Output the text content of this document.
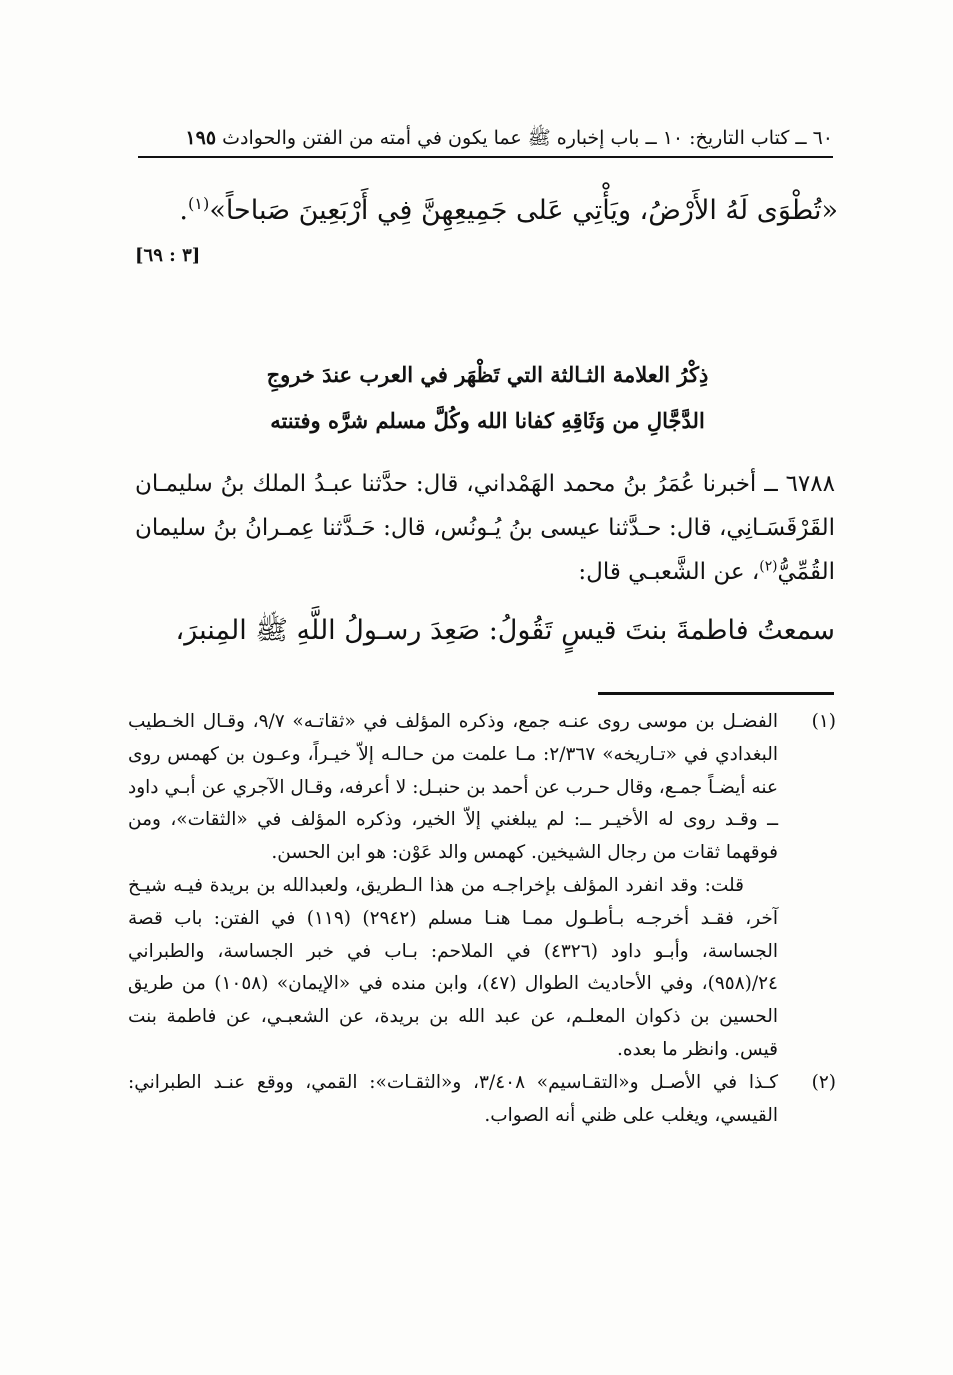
٦٠ ــ كتاب التاريخ: ١٠ ــ باب إخباره ﷺ عما يكون في أمته من الفتن والحوادث ١٩٥
«تُطْوَى لَهُ الأَرْضُ، ويَأْتِي عَلى جَمِيعِهِنَّ فِي أَرْبَعِينَ صَباحاً»$^{(١)}$.
[٣ : ٦٩]
ذِكْرُ العلامة الثـالثة التي تَظْهَر في العرب عندَ خروجِ
الدَّجَّالِ من وَثَاقِهِ كفانا الله وكُلَّ مسلم شرَّه وفتنته
٦٧٨٨ ــ أخبرنا عُمَرُ بنُ محمد الهَمْداني، قال: حدَّثنا عبـدُ الملك بنُ سليمـان القَرْقَسَـانِي، قال: حـدَّثنا عيسى بنُ يُـونُس، قال: حَـدَّثنا عِمـرانُ بنُ سليمان القُمِّيُّ$^{(٢)}$، عن الشَّعبـي قال:
سمعتُ فاطمةَ بنتَ قيسٍ تَقُولُ: صَعِدَ رسـولُ اللَّهِ ﷺ المِنبرَ،
(١)

الفضـل بن موسى روى عنـه جمع، وذكره المؤلف في «ثقاتـه» ٩/٧، وقـال الخـطيب البغدادي في «تـاريخه» ٢/٣٦٧: مـا علمت من حـالـه إلاّ خيـراً، وعـون بن كهمس روى عنه أيضـاً جمـع، وقال حـرب عن أحمد بن حنبـل: لا أعرفه، وقـال الآجري عن أبـي داود ــ وقـد روى له الأخيـر ــ: لم يبلغني إلاّ الخير، وذكره المؤلف في «الثقات»، ومن فوقهما ثقات من رجال الشيخين. كهمس والد عَوْن: هو ابن الحسن.

قلت: وقد انفرد المؤلف بإخراجـه من هذا الـطريق، ولعبدالله بن بريدة فيـه شيـخ آخر، فقـد أخرجـه بـأطـول ممـا هنـا مسلم (٢٩٤٢) (١١٩) في الفتن: باب قصة الجساسة، وأبـو داود (٤٣٢٦) في الملاحم: بـاب في خبر الجساسة، والطبراني ٢٤/(٩٥٨)، وفي الأحاديث الطوال (٤٧)، وابن منده في «الإيمان» (١٠٥٨) من طريق الحسين بن ذكوان المعلـم، عن عبد الله بن بريدة، عن الشعبـي، عن فاطمة بنت قيس. وانظر ما بعده.

(٢)

كـذا في الأصـل و«التقـاسيم» ٣/٤٠٨، و«الثقـات»: القمي، ووقع عنـد الطبراني: القيسي، ويغلب على ظني أنه الصواب.
